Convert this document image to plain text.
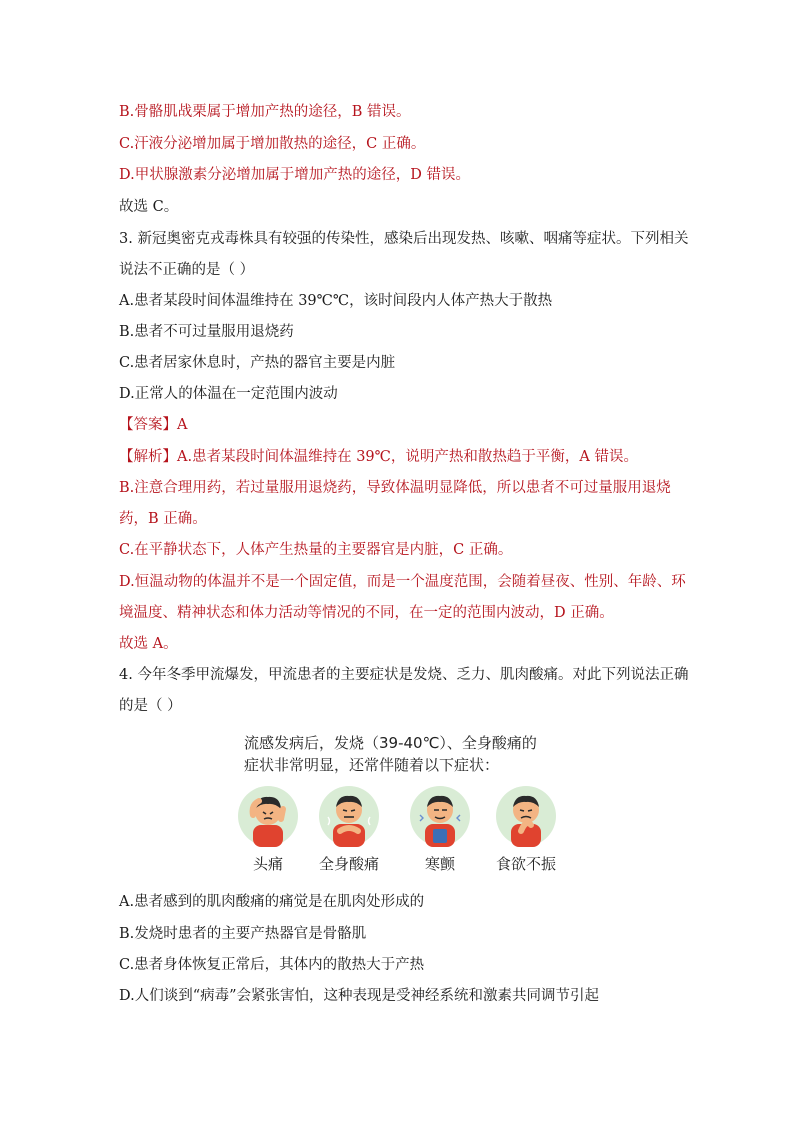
B.骨骼肌战栗属于增加产热的途径，B 错误。
C.汗液分泌增加属于增加散热的途径，C 正确。
D.甲状腺激素分泌增加属于增加产热的途径，D 错误。
故选 C。
3. 新冠奥密克戎毒株具有较强的传染性，感染后出现发热、咳嗽、咽痛等症状。下列相关
说法不正确的是（ ）
A.患者某段时间体温维持在 39℃℃，该时间段内人体产热大于散热
B.患者不可过量服用退烧药
C.患者居家休息时，产热的器官主要是内脏
D.正常人的体温在一定范围内波动
【答案】A
【解析】A.患者某段时间体温维持在 39℃，说明产热和散热趋于平衡，A 错误。
B.注意合理用药，若过量服用退烧药，导致体温明显降低，所以患者不可过量服用退烧
药，B 正确。
C.在平静状态下，人体产生热量的主要器官是内脏，C 正确。
D.恒温动物的体温并不是一个固定值，而是一个温度范围，会随着昼夜、性别、年龄、环
境温度、精神状态和体力活动等情况的不同，在一定的范围内波动，D 正确。
故选 A。
4. 今年冬季甲流爆发，甲流患者的主要症状是发烧、乏力、肌肉酸痛。对此下列说法正确
的是（ ）
流感发病后，发烧（39-40℃）、全身酸痛的
症状非常明显，还常伴随着以下症状：
头痛	全身酸痛	寒颤	食欲不振
A.患者感到的肌肉酸痛的痛觉是在肌肉处形成的
B.发烧时患者的主要产热器官是骨骼肌
C.患者身体恢复正常后，其体内的散热大于产热
D.人们谈到“病毒”会紧张害怕，这种表现是受神经系统和激素共同调节引起
